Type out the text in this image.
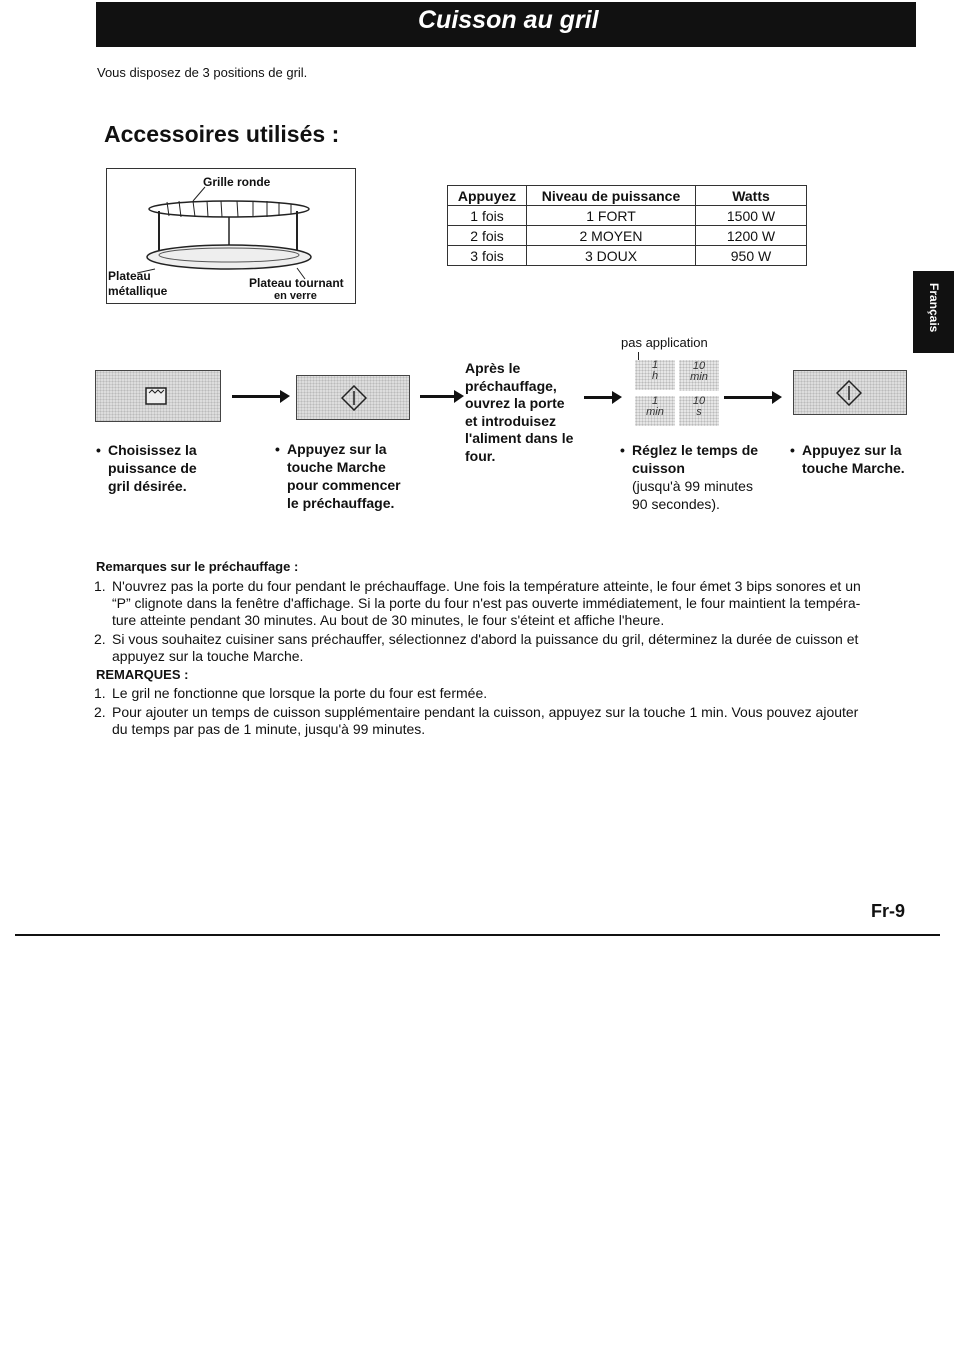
Cuisson au gril
Vous disposez de 3 positions de gril.
Accessoires utilisés :
Grille ronde
Plateau
métallique
Plateau tournant
en verre
Appuyez	Niveau de puissance	Watts
1 fois	1 FORT	1500 W
2 fois	2 MOYEN	1200 W
3 fois	3 DOUX	950 W
Français
pas application
1
h
10
min
1
min
10
s
• Choisissez la
puissance de
gril désirée.
• Appuyez sur la
touche Marche
pour commencer
le préchauffage.
Après le
préchauffage,
ouvrez la porte
et introduisez
l'aliment dans le
four.	• Réglez le temps de
cuisson
(jusqu'à 99 minutes
90 secondes).
• Appuyez sur la
touche Marche.
Remarques sur le préchauffage :
1. N'ouvrez pas la porte du four pendant le préchauffage. Une fois la température atteinte, le four émet 3 bips sonores et un
“P” clignote dans la fenêtre d'affichage. Si la porte du four n'est pas ouverte immédiatement, le four maintient la tempéra-
ture atteinte pendant 30 minutes. Au bout de 30 minutes, le four s'éteint et affiche l'heure.
2. Si vous souhaitez cuisiner sans préchauffer, sélectionnez d'abord la puissance du gril, déterminez la durée de cuisson et
appuyez sur la touche Marche.
REMARQUES :
1. Le gril ne fonctionne que lorsque la porte du four est fermée.
2. Pour ajouter un temps de cuisson supplémentaire pendant la cuisson, appuyez sur la touche 1 min. Vous pouvez ajouter
du temps par pas de 1 minute, jusqu'à 99 minutes.
Fr-9
